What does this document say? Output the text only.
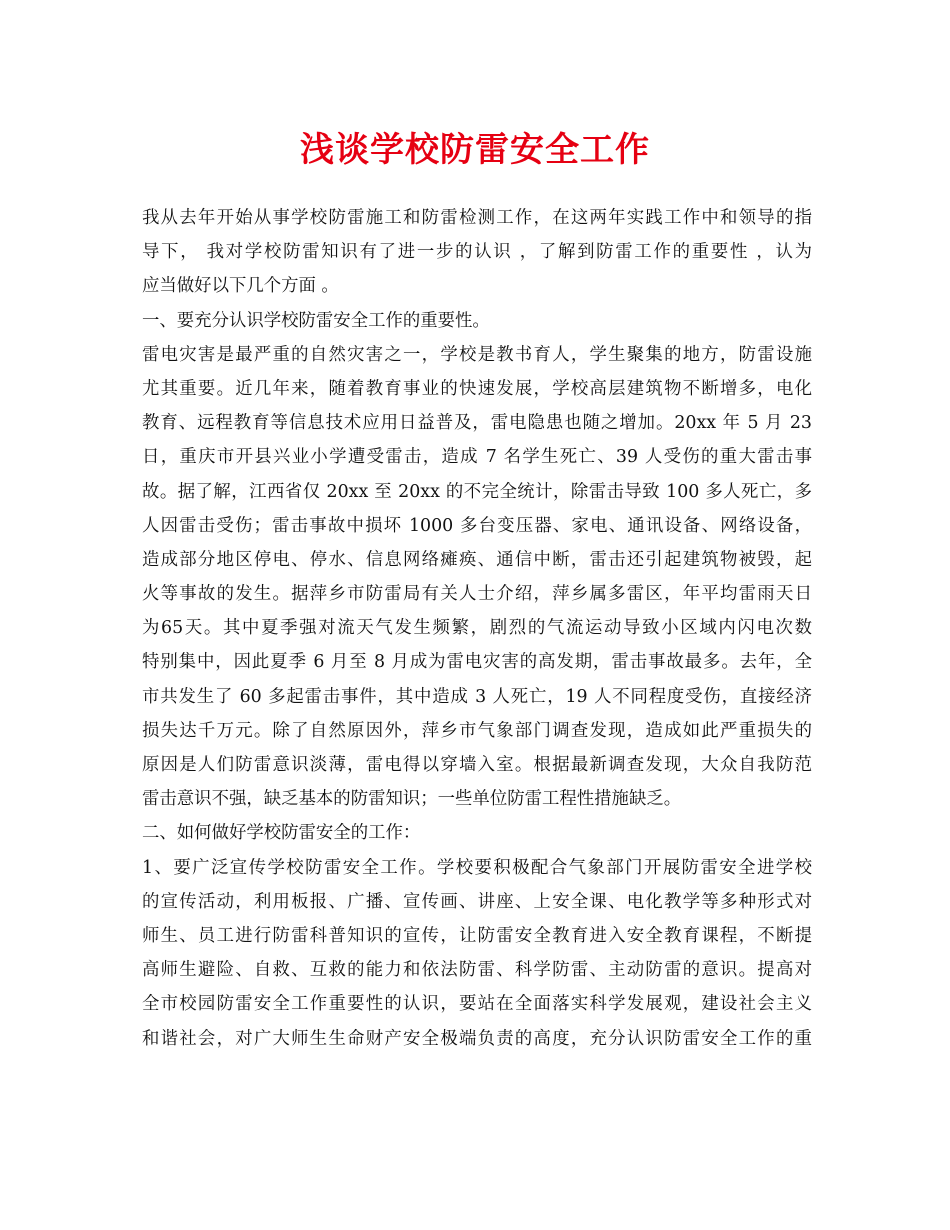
浅谈学校防雷安全工作
我从去年开始从事学校防雷施工和防雷检测工作，在这两年实践工作中和领导的指
导下， 我对学校防雷知识有了进一步的认识 ，了解到防雷工作的重要性 ，认为
应当做好以下几个方面 。
一、要充分认识学校防雷安全工作的重要性。
雷电灾害是最严重的自然灾害之一，学校是教书育人，学生聚集的地方，防雷设施
尤其重要。近几年来，随着教育事业的快速发展，学校高层建筑物不断增多，电化
教育、远程教育等信息技术应用日益普及，雷电隐患也随之增加。20xx 年 5 月 23
日，重庆市开县兴业小学遭受雷击，造成 7 名学生死亡、39 人受伤的重大雷击事
故。据了解，江西省仅 20xx 至 20xx 的不完全统计，除雷击导致 100 多人死亡，多
人因雷击受伤；雷击事故中损坏 1000 多台变压器、家电、通讯设备、网络设备，
造成部分地区停电、停水、信息网络瘫痪、通信中断，雷击还引起建筑物被毁，起
火等事故的发生。据萍乡市防雷局有关人士介绍，萍乡属多雷区，年平均雷雨天日
为65天。其中夏季强对流天气发生频繁，剧烈的气流运动导致小区域内闪电次数
特别集中，因此夏季 6 月至 8 月成为雷电灾害的高发期，雷击事故最多。去年，全
市共发生了 60 多起雷击事件，其中造成 3 人死亡，19 人不同程度受伤，直接经济
损失达千万元。除了自然原因外，萍乡市气象部门调查发现，造成如此严重损失的
原因是人们防雷意识淡薄，雷电得以穿墙入室。根据最新调查发现，大众自我防范
雷击意识不强，缺乏基本的防雷知识；一些单位防雷工程性措施缺乏。
二、如何做好学校防雷安全的工作：
1、要广泛宣传学校防雷安全工作。学校要积极配合气象部门开展防雷安全进学校
的宣传活动，利用板报、广播、宣传画、讲座、上安全课、电化教学等多种形式对
师生、员工进行防雷科普知识的宣传，让防雷安全教育进入安全教育课程，不断提
高师生避险、自救、互救的能力和依法防雷、科学防雷、主动防雷的意识。提高对
全市校园防雷安全工作重要性的认识，要站在全面落实科学发展观，建设社会主义
和谐社会，对广大师生生命财产安全极端负责的高度，充分认识防雷安全工作的重
